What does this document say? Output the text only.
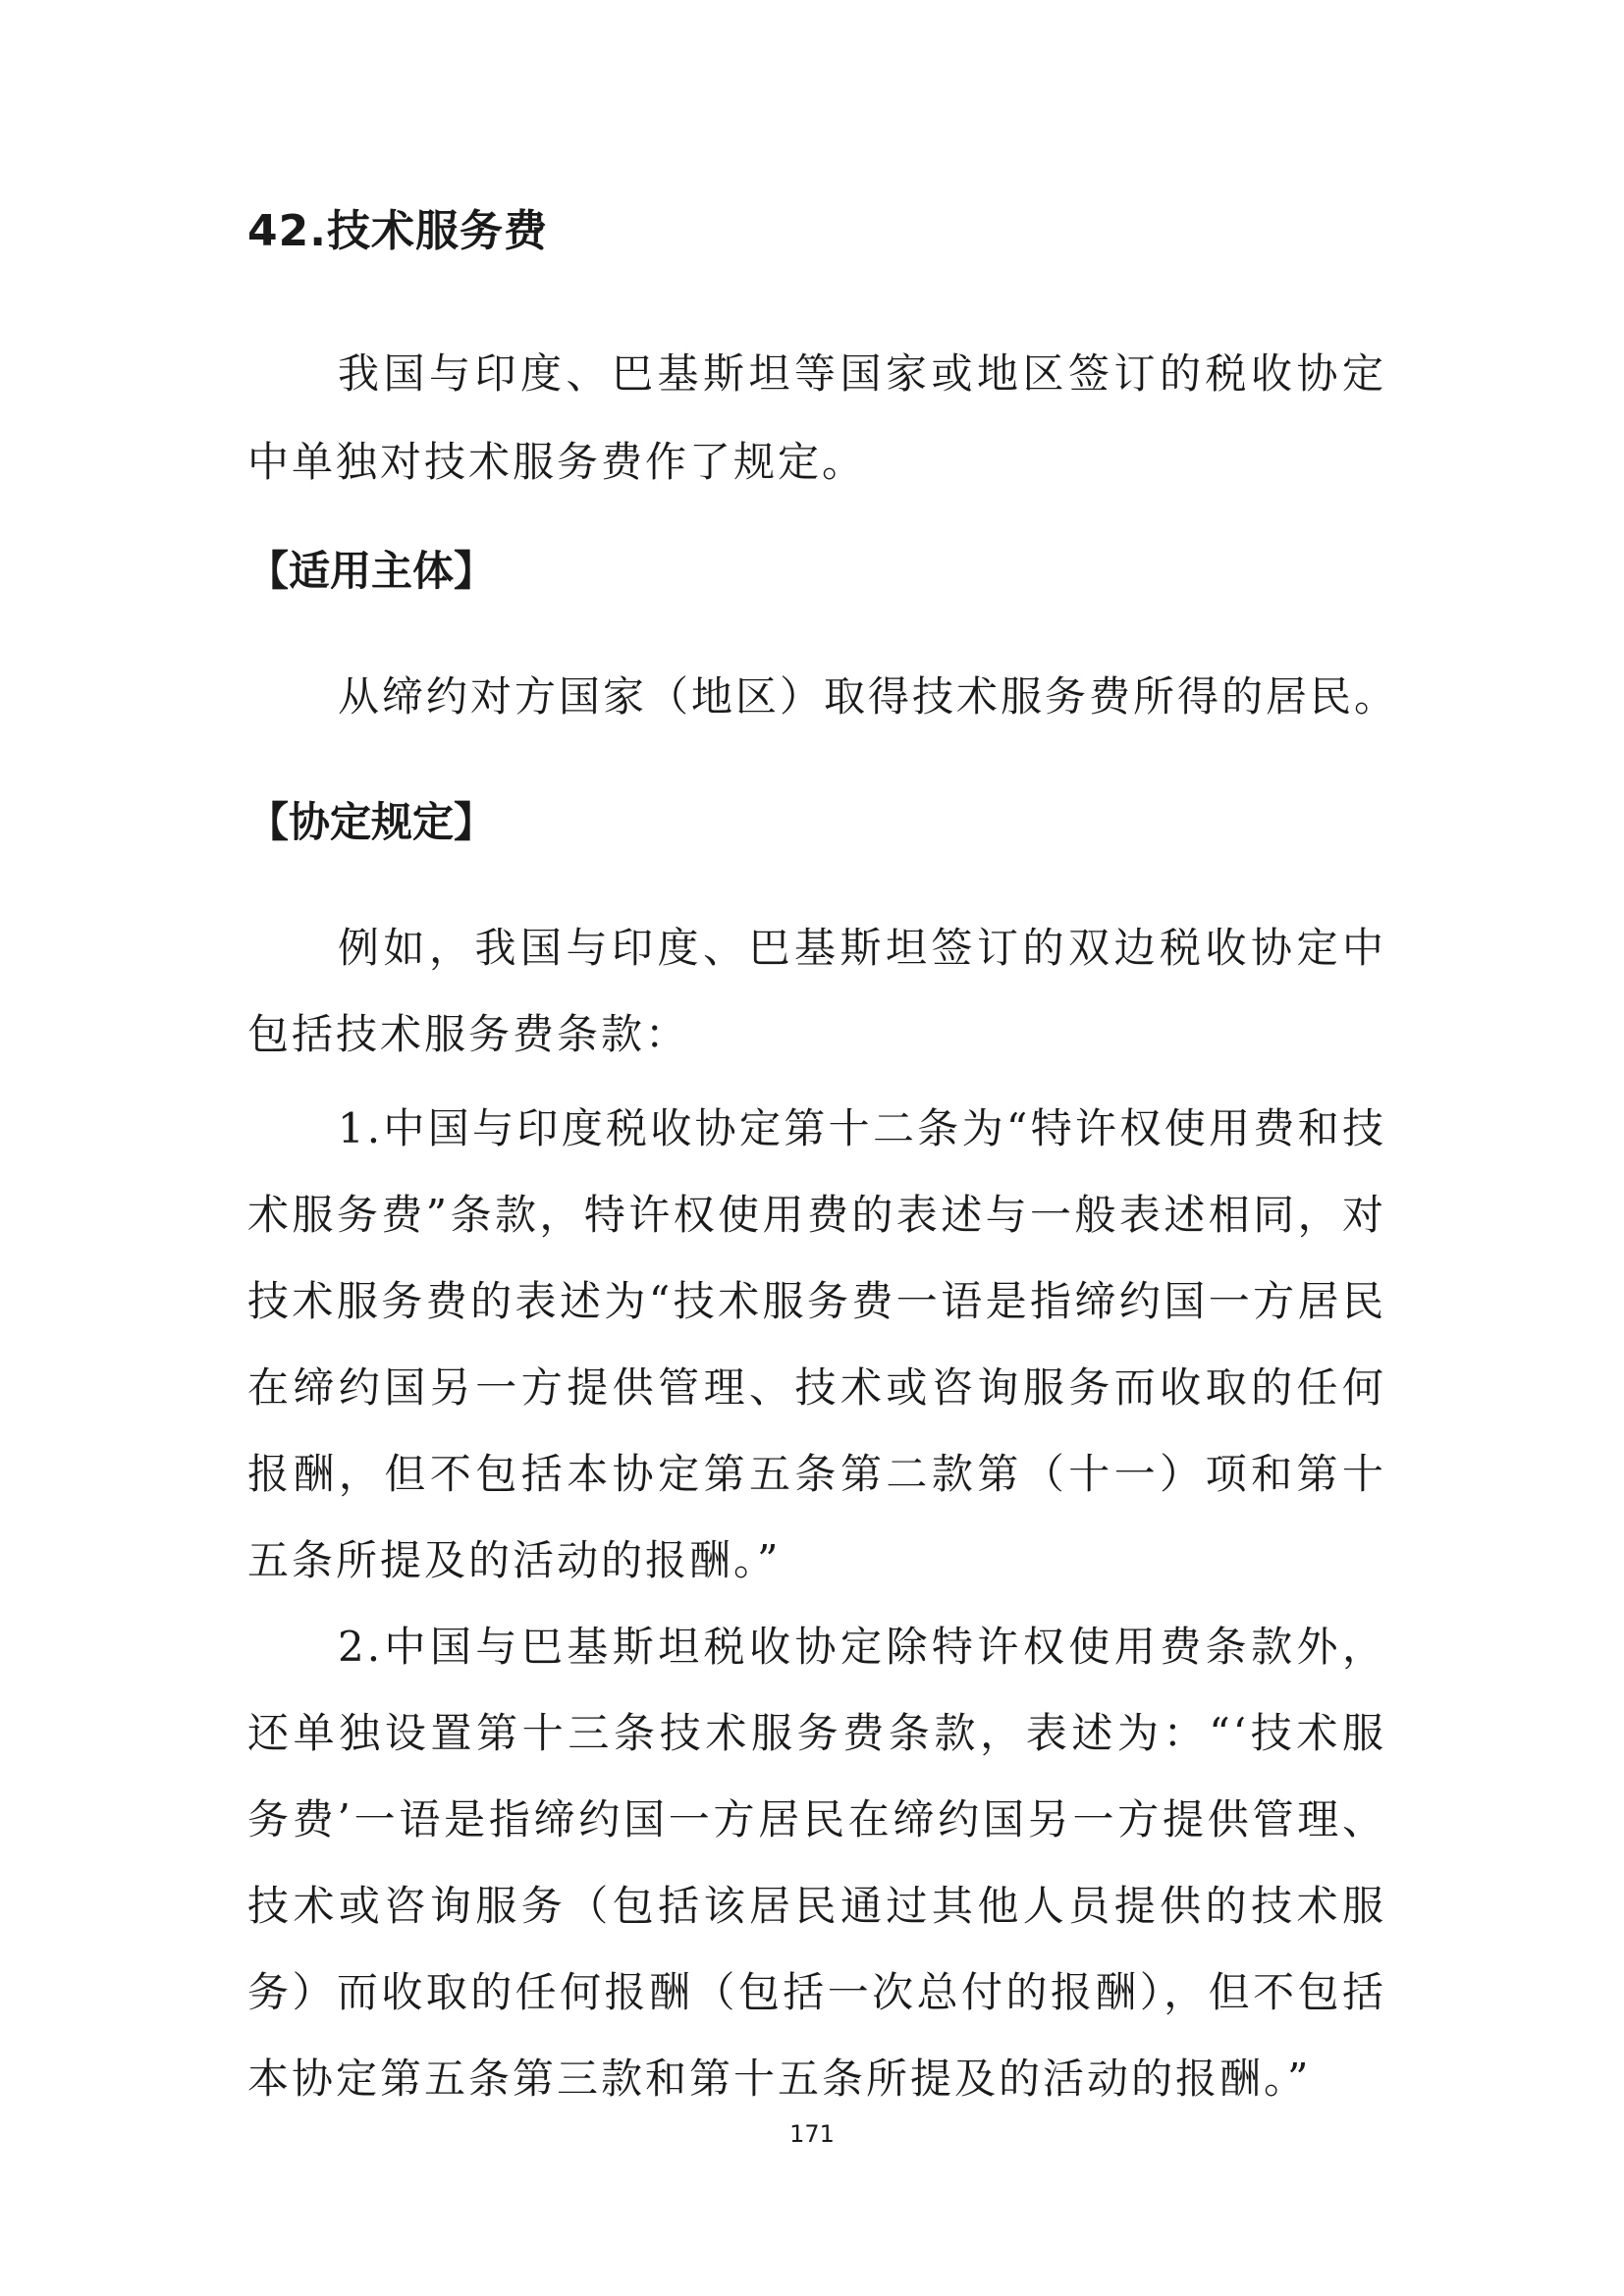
42.技术服务费
我国与印度、巴基斯坦等国家或地区签订的税收协定中单独对技术服务费作了规定。
【适用主体】
从缔约对方国家（地区）取得技术服务费所得的居民。
【协定规定】
例如，我国与印度、巴基斯坦签订的双边税收协定中包括技术服务费条款：
1.中国与印度税收协定第十二条为“特许权使用费和技术服务费”条款，特许权使用费的表述与一般表述相同，对技术服务费的表述为“技术服务费一语是指缔约国一方居民在缔约国另一方提供管理、技术或咨询服务而收取的任何报酬，但不包括本协定第五条第二款第（十一）项和第十五条所提及的活动的报酬。”
2.中国与巴基斯坦税收协定除特许权使用费条款外，还单独设置第十三条技术服务费条款，表述为：“‘技术服务费’一语是指缔约国一方居民在缔约国另一方提供管理、技术或咨询服务（包括该居民通过其他人员提供的技术服务）而收取的任何报酬（包括一次总付的报酬），但不包括本协定第五条第三款和第十五条所提及的活动的报酬。”
171
